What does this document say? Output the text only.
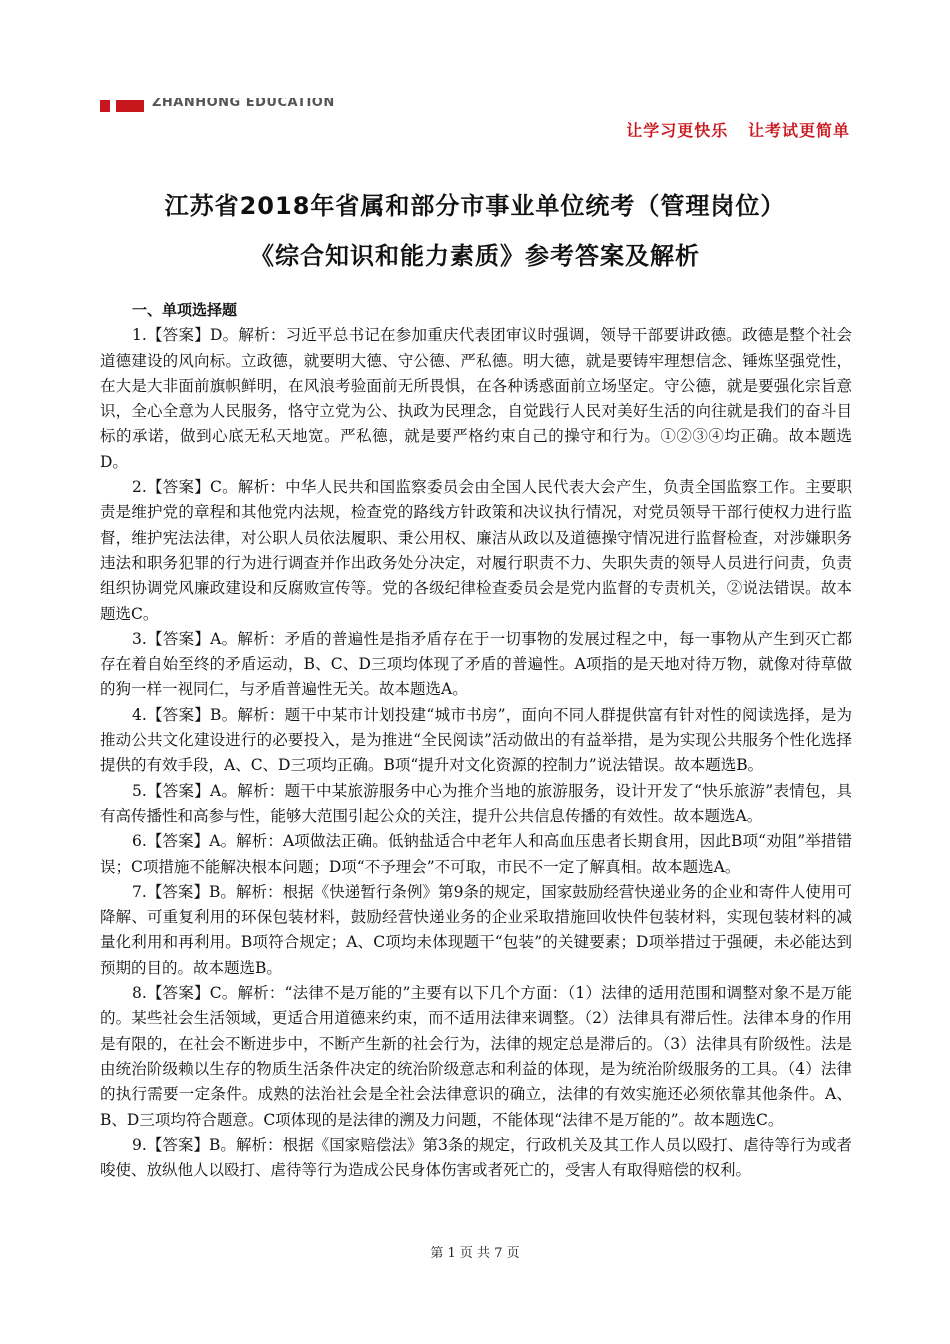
ZHANHONG EDUCATION
让学习更快乐   让考试更简单
江苏省2018年省属和部分市事业单位统考（管理岗位）
《综合知识和能力素质》参考答案及解析
一、单项选择题

1.【答案】D。解析：习近平总书记在参加重庆代表团审议时强调，领导干部要讲政德。政德是整个社会道德建设的风向标。立政德，就要明大德、守公德、严私德。明大德，就是要铸牢理想信念、锤炼坚强党性，在大是大非面前旗帜鲜明，在风浪考验面前无所畏惧，在各种诱惑面前立场坚定。守公德，就是要强化宗旨意识，全心全意为人民服务，恪守立党为公、执政为民理念，自觉践行人民对美好生活的向往就是我们的奋斗目标的承诺，做到心底无私天地宽。严私德，就是要严格约束自己的操守和行为。①②③④均正确。故本题选D。

2.【答案】C。解析：中华人民共和国监察委员会由全国人民代表大会产生，负责全国监察工作。主要职责是维护党的章程和其他党内法规，检查党的路线方针政策和决议执行情况，对党员领导干部行使权力进行监督，维护宪法法律，对公职人员依法履职、秉公用权、廉洁从政以及道德操守情况进行监督检查，对涉嫌职务违法和职务犯罪的行为进行调查并作出政务处分决定，对履行职责不力、失职失责的领导人员进行问责，负责组织协调党风廉政建设和反腐败宣传等。党的各级纪律检查委员会是党内监督的专责机关，②说法错误。故本题选C。

3.【答案】A。解析：矛盾的普遍性是指矛盾存在于一切事物的发展过程之中，每一事物从产生到灭亡都存在着自始至终的矛盾运动，B、C、D三项均体现了矛盾的普遍性。A项指的是天地对待万物，就像对待草做的狗一样一视同仁，与矛盾普遍性无关。故本题选A。

4.【答案】B。解析：题干中某市计划投建“城市书房”，面向不同人群提供富有针对性的阅读选择，是为推动公共文化建设进行的必要投入，是为推进“全民阅读”活动做出的有益举措，是为实现公共服务个性化选择提供的有效手段，A、C、D三项均正确。B项“提升对文化资源的控制力”说法错误。故本题选B。

5.【答案】A。解析：题干中某旅游服务中心为推介当地的旅游服务，设计开发了“快乐旅游”表情包，具有高传播性和高参与性，能够大范围引起公众的关注，提升公共信息传播的有效性。故本题选A。

6.【答案】A。解析：A项做法正确。低钠盐适合中老年人和高血压患者长期食用，因此B项“劝阻”举措错误；C项措施不能解决根本问题；D项“不予理会”不可取，市民不一定了解真相。故本题选A。

7.【答案】B。解析：根据《快递暂行条例》第9条的规定，国家鼓励经营快递业务的企业和寄件人使用可降解、可重复利用的环保包装材料，鼓励经营快递业务的企业采取措施回收快件包装材料，实现包装材料的减量化利用和再利用。B项符合规定；A、C项均未体现题干“包装”的关键要素；D项举措过于强硬，未必能达到预期的目的。故本题选B。

8.【答案】C。解析：“法律不是万能的”主要有以下几个方面：（1）法律的适用范围和调整对象不是万能的。某些社会生活领域，更适合用道德来约束，而不适用法律来调整。（2）法律具有滞后性。法律本身的作用是有限的，在社会不断进步中，不断产生新的社会行为，法律的规定总是滞后的。（3）法律具有阶级性。法是由统治阶级赖以生存的物质生活条件决定的统治阶级意志和利益的体现，是为统治阶级服务的工具。（4）法律的执行需要一定条件。成熟的法治社会是全社会法律意识的确立，法律的有效实施还必须依靠其他条件。A、B、D三项均符合题意。C项体现的是法律的溯及力问题，不能体现“法律不是万能的”。故本题选C。

9.【答案】B。解析：根据《国家赔偿法》第3条的规定，行政机关及其工作人员以殴打、虐待等行为或者唆使、放纵他人以殴打、虐待等行为造成公民身体伤害或者死亡的，受害人有取得赔偿的权利。

第 1 页 共 7 页
